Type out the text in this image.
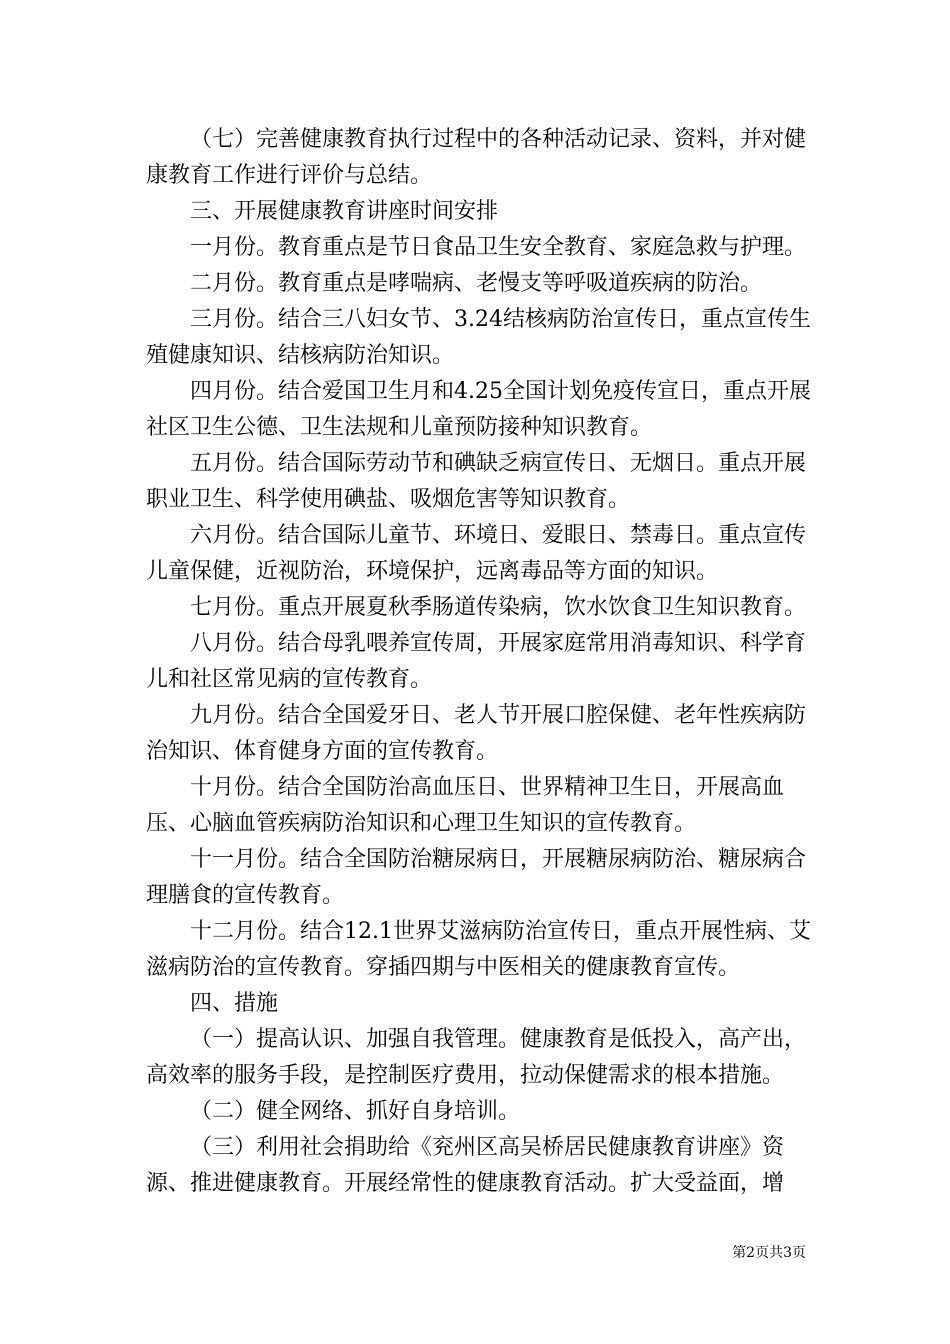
（七）完善健康教育执行过程中的各种活动记录、资料，并对健康教育工作进行评价与总结。

三、开展健康教育讲座时间安排

一月份。教育重点是节日食品卫生安全教育、家庭急救与护理。

二月份。教育重点是哮喘病、老慢支等呼吸道疾病的防治。

三月份。结合三八妇女节、3.24结核病防治宣传日，重点宣传生殖健康知识、结核病防治知识。

四月份。结合爱国卫生月和4.25全国计划免疫传宣日，重点开展社区卫生公德、卫生法规和儿童预防接种知识教育。

五月份。结合国际劳动节和碘缺乏病宣传日、无烟日。重点开展职业卫生、科学使用碘盐、吸烟危害等知识教育。

六月份。结合国际儿童节、环境日、爱眼日、禁毒日。重点宣传儿童保健，近视防治，环境保护，远离毒品等方面的知识。

七月份。重点开展夏秋季肠道传染病，饮水饮食卫生知识教育。

八月份。结合母乳喂养宣传周，开展家庭常用消毒知识、科学育儿和社区常见病的宣传教育。

九月份。结合全国爱牙日、老人节开展口腔保健、老年性疾病防治知识、体育健身方面的宣传教育。

十月份。结合全国防治高血压日、世界精神卫生日，开展高血压、心脑血管疾病防治知识和心理卫生知识的宣传教育。

十一月份。结合全国防治糖尿病日，开展糖尿病防治、糖尿病合理膳食的宣传教育。

十二月份。结合12.1世界艾滋病防治宣传日，重点开展性病、艾滋病防治的宣传教育。穿插四期与中医相关的健康教育宣传。

四、措施

（一）提高认识、加强自我管理。健康教育是低投入，高产出，高效率的服务手段，是控制医疗费用，拉动保健需求的根本措施。

（二）健全网络、抓好自身培训。

（三）利用社会捐助给《兖州区高吴桥居民健康教育讲座》资源、推进健康教育。开展经常性的健康教育活动。扩大受益面，增

第2页共3页
